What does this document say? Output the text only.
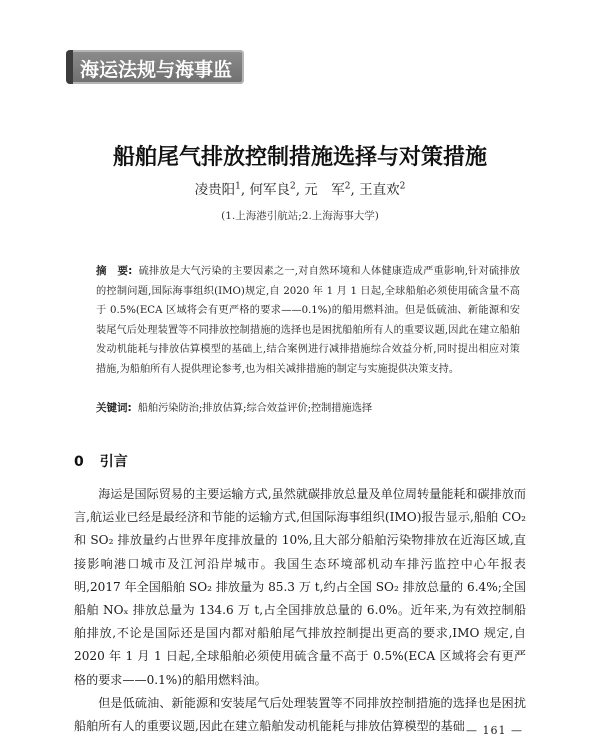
海运法规与海事监管
船舶尾气排放控制措施选择与对策措施
凌贵阳$^1$, 何军良$^2$, 元　军$^2$, 王直欢$^2$
(1.上海港引航站;2.上海海事大学)
摘　要: 硫排放是大气污染的主要因素之一,对自然环境和人体健康造成严重影响,针对硫排放的控制问题,国际海事组织(IMO)规定,自 2020 年 1 月 1 日起,全球船舶必须使用硫含量不高于 0.5%(ECA 区域将会有更严格的要求——0.1%)的船用燃料油。但是低硫油、新能源和安装尾气后处理装置等不同排放控制措施的选择也是困扰船舶所有人的重要议题,因此在建立船舶发动机能耗与排放估算模型的基础上,结合案例进行减排措施综合效益分析,同时提出相应对策措施,为船舶所有人提供理论参考,也为相关减排措施的制定与实施提供决策支持。
关键词: 船舶污染防治;排放估算;综合效益评价;控制措施选择
0 引言

海运是国际贸易的主要运输方式,虽然就碳排放总量及单位周转量能耗和碳排放而言,航运业已经是最经济和节能的运输方式,但国际海事组织(IMO)报告显示,船舶 CO₂ 和 SO₂ 排放量约占世界年度排放量的 10%,且大部分船舶污染物排放在近海区域,直接影响港口城市及江河沿岸城市。我国生态环境部机动车排污监控中心年报表明,2017 年全国船舶 SO₂ 排放量为 85.3 万 t,约占全国 SO₂ 排放总量的 6.4%;全国船舶 NOₓ 排放总量为 134.6 万 t,占全国排放总量的 6.0%。近年来,为有效控制船舶排放,不论是国际还是国内都对船舶尾气排放控制提出更高的要求,IMO 规定,自 2020 年 1 月 1 日起,全球船舶必须使用硫含量不高于 0.5%(ECA 区域将会有更严格的要求——0.1%)的船用燃料油。

但是低硫油、新能源和安装尾气后处理装置等不同排放控制措施的选择也是困扰船舶所有人的重要议题,因此在建立船舶发动机能耗与排放估算模型的基础 — 161 —
